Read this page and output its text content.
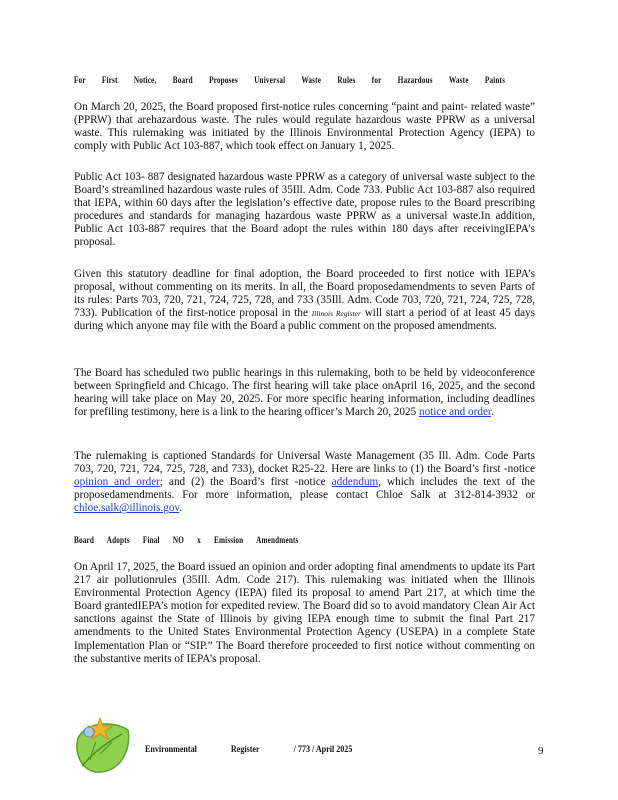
For First Notice, Board Proposes Universal Waste Rules for Hazardous Waste Paints

On March 20, 2025, the Board proposed first-notice rules concerning “paint and paint- related waste” (PPRW) that arehazardous waste. The rules would regulate hazardous waste PPRW as a universal waste. This rulemaking was initiated by the Illinois Environmental Protection Agency (IEPA) to comply with Public Act 103-887, which took effect on January 1, 2025.

Public Act 103- 887 designated hazardous waste PPRW as a category of universal waste subject to the Board’s streamlined hazardous waste rules of 35Ill. Adm. Code 733. Public Act 103-887 also required that IEPA, within 60 days after the legislation’s effective date, propose rules to the Board prescribing procedures and standards for managing hazardous waste PPRW as a universal waste.In addition, Public Act 103-887 requires that the Board adopt the rules within 180 days after receivingIEPA’s proposal.

Given this statutory deadline for final adoption, the Board proceeded to first notice with IEPA’s proposal, without commenting on its merits. In all, the Board proposedamendments to seven Parts of its rules: Parts 703, 720, 721, 724, 725, 728, and 733 (35Ill. Adm. Code 703, 720, 721, 724, 725, 728, 733). Publication of the first-notice proposal in the Illinois Register will start a period of at least 45 days during which anyone may file with the Board a public comment on the proposed amendments.

The Board has scheduled two public hearings in this rulemaking, both to be held by videoconference between Springfield and Chicago. The first hearing will take place onApril 16, 2025, and the second hearing will take place on May 20, 2025. For more specific hearing information, including deadlines for prefiling testimony, here is a link to the hearing officer’s March 20, 2025 notice and order.

The rulemaking is captioned Standards for Universal Waste Management (35 Ill. Adm. Code Parts 703, 720, 721, 724, 725, 728, and 733), docket R25-22. Here are links to (1) the Board’s first -notice opinion and order; and (2) the Board’s first -notice addendum, which includes the text of the proposedamendments. For more information, please contact Chloe Salk at 312-814-3932 or chloe.salk@illinois.gov.

Board Adopts Final NO x Emission Amendments

On April 17, 2025, the Board issued an opinion and order adopting final amendments to update its Part 217 air pollutionrules (35Ill. Adm. Code 217). This rulemaking was initiated when the Illinois Environmental Protection Agency (IEPA) filed its proposal to amend Part 217, at which time the Board grantedIEPA’s motion for expedited review. The Board did so to avoid mandatory Clean Air Act sanctions against the State of Illinois by giving IEPA enough time to submit the final Part 217 amendments to the United States Environmental Protection Agency (USEPA) in a complete State Implementation Plan or “SIP.” The Board therefore proceeded to first notice without commenting on the substantive merits of IEPA’s proposal.

Environmental	Register	/ 773 / April 2025	9
